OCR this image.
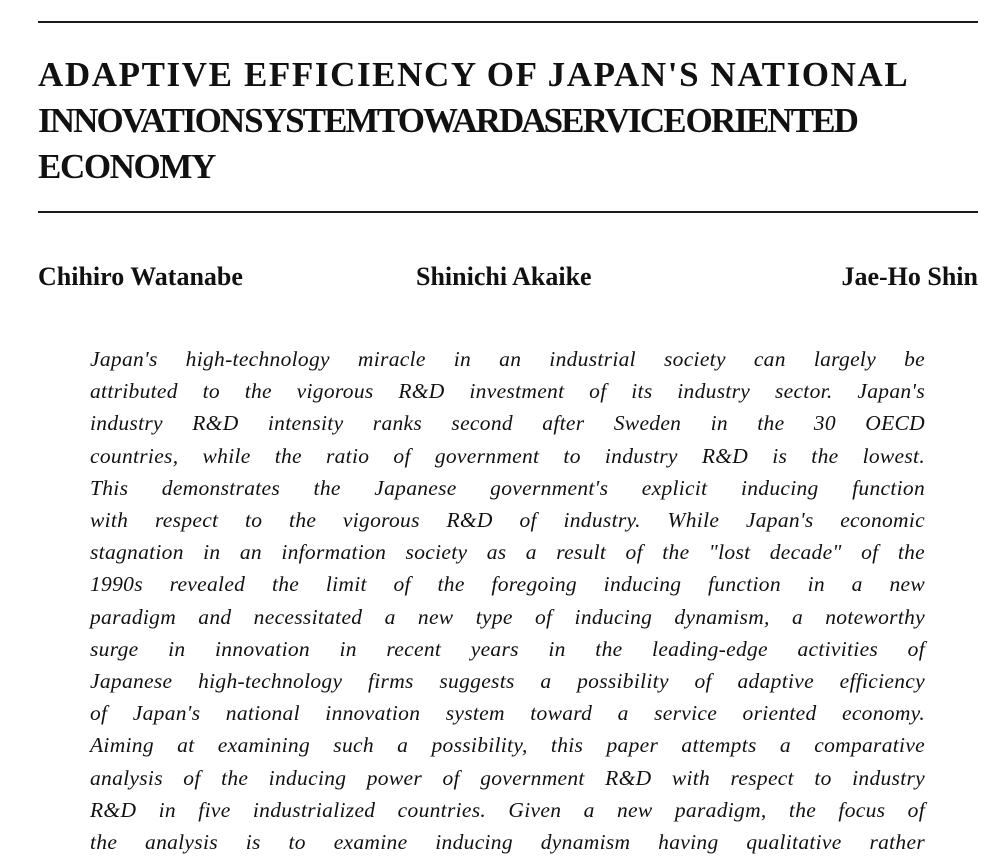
ADAPTIVE EFFICIENCY OF JAPAN'S NATIONAL
INNOVATION SYSTEM TOWARD A SERVICE ORIENTED
ECONOMY
Chihiro Watanabe	Shinichi Akaike	Jae-Ho Shin
Japan's high-technology miracle in an industrial society can largely be
attributed to the vigorous R&D investment of its industry sector. Japan's
industry R&D intensity ranks second after Sweden in the 30 OECD
countries, while the ratio of government to industry R&D is the lowest.
This demonstrates the Japanese government's explicit inducing function
with respect to the vigorous R&D of industry. While Japan's economic
stagnation in an information society as a result of the "lost decade" of the
1990s revealed the limit of the foregoing inducing function in a new
paradigm and necessitated a new type of inducing dynamism, a noteworthy
surge in innovation in recent years in the leading-edge activities of
Japanese high-technology firms suggests a possibility of adaptive efficiency
of Japan's national innovation system toward a service oriented economy.
Aiming at examining such a possibility, this paper attempts a comparative
analysis of the inducing power of government R&D with respect to industry
R&D in five industrialized countries. Given a new paradigm, the focus of
the analysis is to examine inducing dynamism having qualitative rather
